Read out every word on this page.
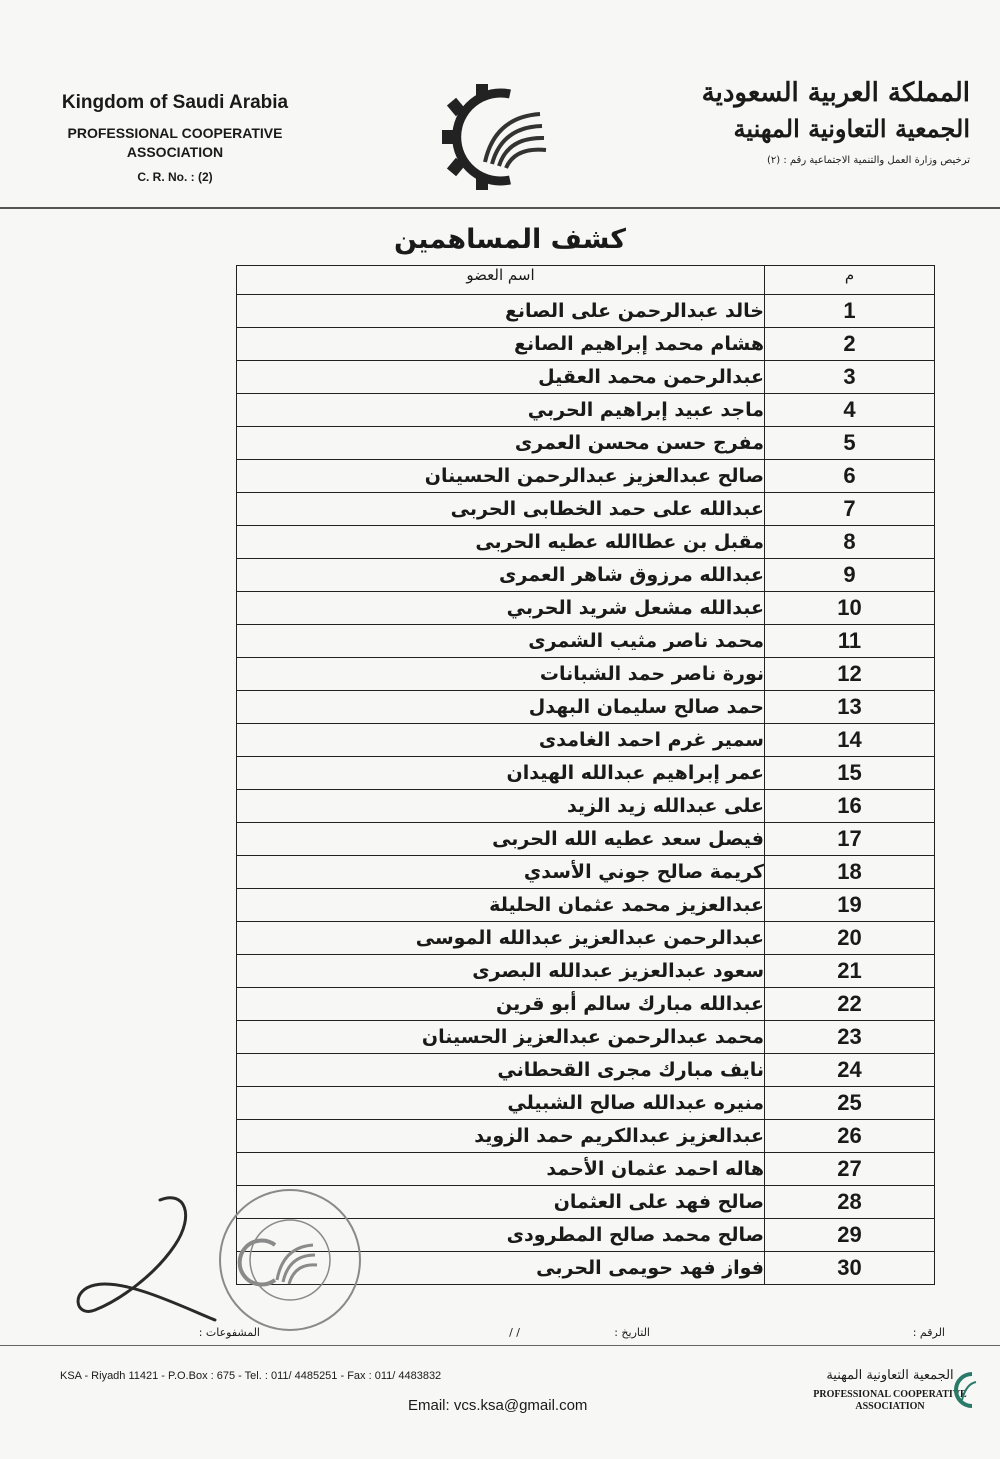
Kingdom of Saudi Arabia
PROFESSIONAL COOPERATIVE ASSOCIATION
C. R. No. : (2)
المملكة العربية السعودية
الجمعية التعاونية المهنية
ترخيص وزارة العمل والتنمية الاجتماعية رقم : (٢)
كشف المساهمين
اسم العضو	م
خالد عبدالرحمن على الصانع	1
هشام محمد إبراهيم الصانع	2
عبدالرحمن محمد العقيل	3
ماجد عبيد إبراهيم الحربي	4
مفرج حسن محسن العمرى	5
صالح عبدالعزيز عبدالرحمن الحسينان	6
عبدالله على حمد الخطابى الحربى	7
مقبل بن عطاالله عطيه الحربى	8
عبدالله مرزوق شاهر العمرى	9
عبدالله مشعل شريد الحربي	10
محمد ناصر مثيب الشمرى	11
نورة ناصر حمد الشبانات	12
حمد صالح سليمان البهدل	13
سمير غرم احمد الغامدى	14
عمر إبراهيم عبدالله الهيدان	15
على عبدالله زيد الزيد	16
فيصل سعد عطيه الله الحربى	17
كريمة صالح جوني الأسدي	18
عبدالعزيز محمد عثمان الحليلة	19
عبدالرحمن عبدالعزيز عبدالله الموسى	20
سعود عبدالعزيز عبدالله البصرى	21
عبدالله مبارك سالم أبو قرين	22
محمد عبدالرحمن عبدالعزيز الحسينان	23
نايف مبارك مجرى القحطاني	24
منيره عبدالله صالح الشبيلي	25
عبدالعزيز عبدالكريم حمد الزويد	26
هاله احمد عثمان الأحمد	27
صالح فهد على العثمان	28
صالح محمد صالح المطرودى	29
فواز فهد حويمى الحربى	30
الرقم :
التاريخ :
/ /
المشفوعات :
KSA - Riyadh 11421 - P.O.Box : 675 - Tel. : 011/ 4485251 - Fax : 011/ 4483832
Email: vcs.ksa@gmail.com
الجمعية التعاونية المهنية
PROFESSIONAL COOPERATIVE ASSOCIATION
